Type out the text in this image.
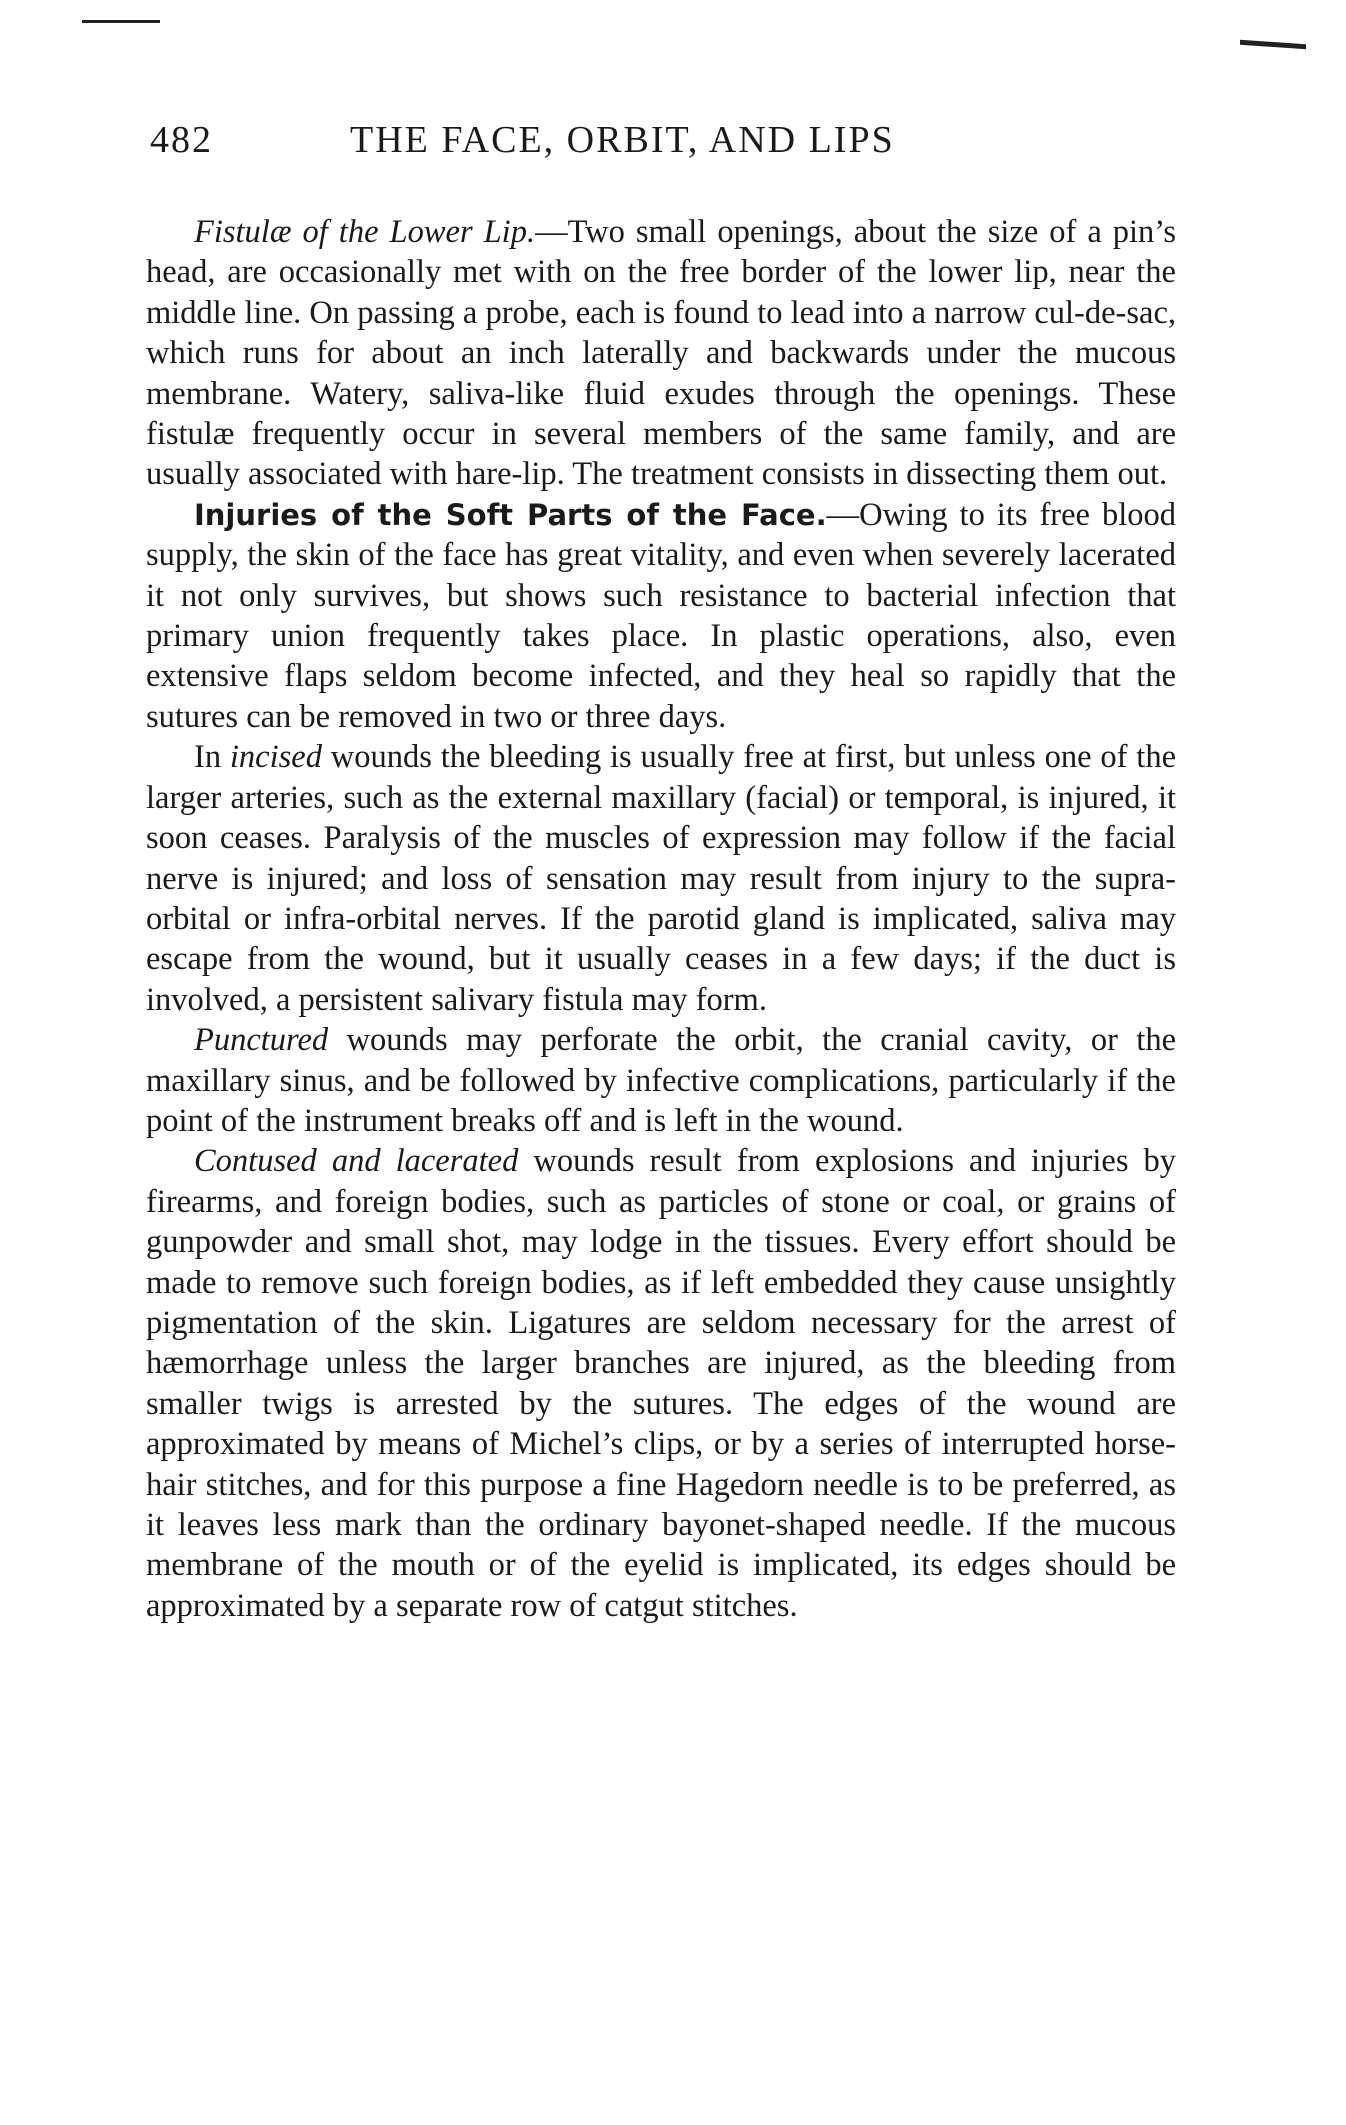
482	THE FACE, ORBIT, AND LIPS

Fistulæ of the Lower Lip.—Two small openings, about the size of a pin’s head, are occasionally met with on the free border of the lower lip, near the middle line. On passing a probe, each is found to lead into a narrow cul-de-sac, which runs for about an inch laterally and backwards under the mucous membrane. Watery, saliva-like fluid exudes through the openings. These fistulæ frequently occur in several members of the same family, and are usually associated with hare-lip. The treatment consists in dissecting them out.

Injuries of the Soft Parts of the Face.—Owing to its free blood supply, the skin of the face has great vitality, and even when severely lacerated it not only survives, but shows such resistance to bacterial infection that primary union frequently takes place. In plastic operations, also, even extensive flaps seldom become infected, and they heal so rapidly that the sutures can be removed in two or three days.

In incised wounds the bleeding is usually free at first, but unless one of the larger arteries, such as the external maxillary (facial) or temporal, is injured, it soon ceases. Paralysis of the muscles of expression may follow if the facial nerve is injured; and loss of sensation may result from injury to the supra-orbital or infra-orbital nerves. If the parotid gland is implicated, saliva may escape from the wound, but it usually ceases in a few days; if the duct is involved, a persistent salivary fistula may form.

Punctured wounds may perforate the orbit, the cranial cavity, or the maxillary sinus, and be followed by infective complications, particularly if the point of the instrument breaks off and is left in the wound.

Contused and lacerated wounds result from explosions and injuries by firearms, and foreign bodies, such as particles of stone or coal, or grains of gunpowder and small shot, may lodge in the tissues. Every effort should be made to remove such foreign bodies, as if left embedded they cause unsightly pigmentation of the skin. Ligatures are seldom necessary for the arrest of hæmorrhage unless the larger branches are injured, as the bleeding from smaller twigs is arrested by the sutures. The edges of the wound are approximated by means of Michel’s clips, or by a series of interrupted horse-hair stitches, and for this purpose a fine Hagedorn needle is to be preferred, as it leaves less mark than the ordinary bayonet-shaped needle. If the mucous membrane of the mouth or of the eyelid is implicated, its edges should be approximated by a separate row of catgut stitches.
